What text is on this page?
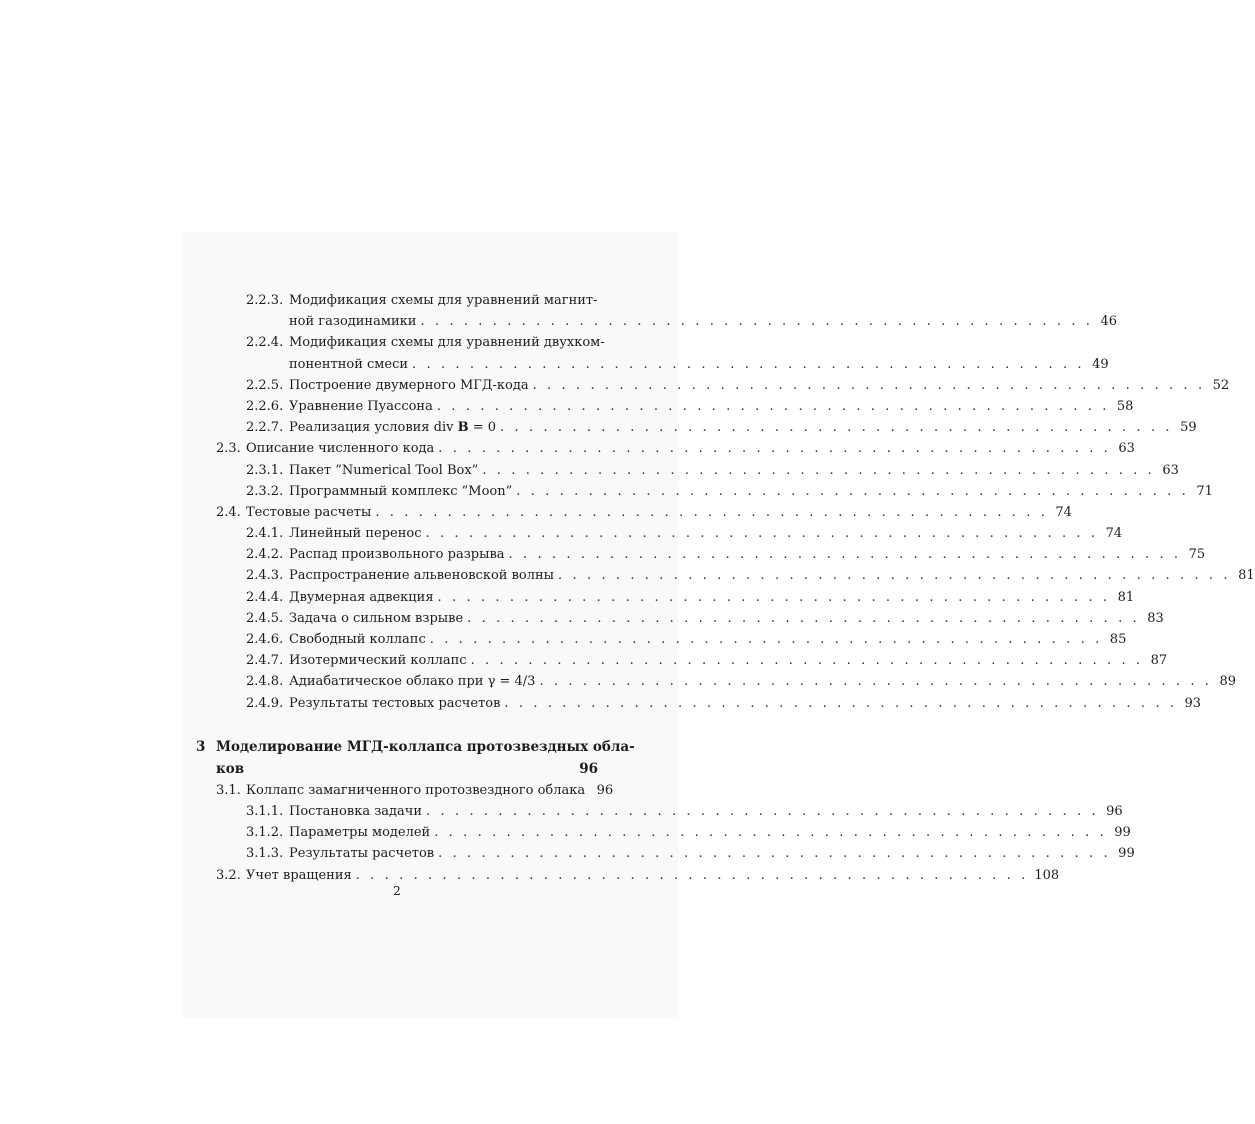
2.2.3. Модификация схемы для уравнений магнит-
ной газодинамики . . . . . . . . . . . . . . . . . . . . . . . . . . . . . . . . . . . . . . . . . . . . . . . 46
2.2.4. Модификация схемы для уравнений двухком-
понентной смеси . . . . . . . . . . . . . . . . . . . . . . . . . . . . . . . . . . . . . . . . . . . . . . . 49
2.2.5. Построение двумерного МГД-кода . . . . . . . . . . . . . . . . . . . . . . . . . . . . . . . . . . . . . . . . . . . . . . . 52
2.2.6. Уравнение Пуассона . . . . . . . . . . . . . . . . . . . . . . . . . . . . . . . . . . . . . . . . . . . . . . . 58
2.2.7. Реализация условия div B = 0 . . . . . . . . . . . . . . . . . . . . . . . . . . . . . . . . . . . . . . . . . . . . . . . 59
2.3. Описание численного кода . . . . . . . . . . . . . . . . . . . . . . . . . . . . . . . . . . . . . . . . . . . . . . . 63
2.3.1. Пакет ”Numerical Tool Box” . . . . . . . . . . . . . . . . . . . . . . . . . . . . . . . . . . . . . . . . . . . . . . . 63
2.3.2. Программный комплекс ”Moon” . . . . . . . . . . . . . . . . . . . . . . . . . . . . . . . . . . . . . . . . . . . . . . . 71
2.4. Тестовые расчеты . . . . . . . . . . . . . . . . . . . . . . . . . . . . . . . . . . . . . . . . . . . . . . . 74
2.4.1. Линейный перенос . . . . . . . . . . . . . . . . . . . . . . . . . . . . . . . . . . . . . . . . . . . . . . . 74
2.4.2. Распад произвольного разрыва . . . . . . . . . . . . . . . . . . . . . . . . . . . . . . . . . . . . . . . . . . . . . . . 75
2.4.3. Распространение альвеновской волны . . . . . . . . . . . . . . . . . . . . . . . . . . . . . . . . . . . . . . . . . . . . . . . 81
2.4.4. Двумерная адвекция . . . . . . . . . . . . . . . . . . . . . . . . . . . . . . . . . . . . . . . . . . . . . . . 81
2.4.5. Задача о сильном взрыве . . . . . . . . . . . . . . . . . . . . . . . . . . . . . . . . . . . . . . . . . . . . . . . 83
2.4.6. Свободный коллапс . . . . . . . . . . . . . . . . . . . . . . . . . . . . . . . . . . . . . . . . . . . . . . . 85
2.4.7. Изотермический коллапс . . . . . . . . . . . . . . . . . . . . . . . . . . . . . . . . . . . . . . . . . . . . . . . 87
2.4.8. Адиабатическое облако при γ = 4/3 . . . . . . . . . . . . . . . . . . . . . . . . . . . . . . . . . . . . . . . . . . . . . . . 89
2.4.9. Результаты тестовых расчетов . . . . . . . . . . . . . . . . . . . . . . . . . . . . . . . . . . . . . . . . . . . . . . . 93
3 Моделирование МГД-коллапса протозвездных обла-
ков	96
3.1. Коллапс замагниченного протозвездного облака 96
3.1.1. Постановка задачи . . . . . . . . . . . . . . . . . . . . . . . . . . . . . . . . . . . . . . . . . . . . . . . 96
3.1.2. Параметры моделей . . . . . . . . . . . . . . . . . . . . . . . . . . . . . . . . . . . . . . . . . . . . . . . 99
3.1.3. Результаты расчетов . . . . . . . . . . . . . . . . . . . . . . . . . . . . . . . . . . . . . . . . . . . . . . . 99
3.2. Учет вращения . . . . . . . . . . . . . . . . . . . . . . . . . . . . . . . . . . . . . . . . . . . . . . . 108
2
